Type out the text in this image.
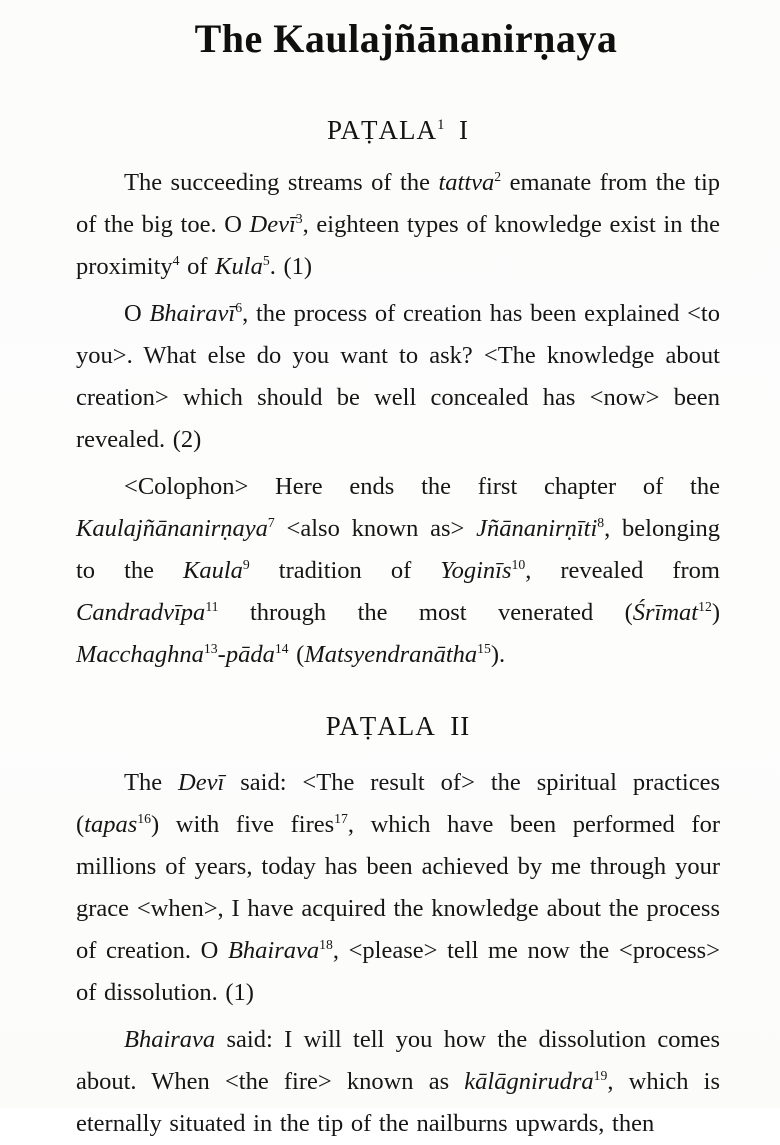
The Kaulajñānanirṇaya
PAṬALA$^1$ I

The succeeding streams of the tattva$^2$ emanate from the tip of the big toe. O Devī$^3$, eighteen types of knowledge exist in the proximity$^4$ of Kula$^5$. (1)

O Bhairavī$^6$, the process of creation has been explained <to you>. What else do you want to ask? <The knowledge about creation> which should be well concealed has <now> been revealed. (2)

<Colophon> Here ends the first chapter of the Kaulajñānanirṇaya$^7$ <also known as> Jñānanirṇīti$^8$, belonging to the Kaula$^9$ tradition of Yoginīs$^{10}$, revealed from Candradvīpa$^{11}$ through the most venerated (Śrīmat$^{12}$) Macchaghna$^{13}$-pāda$^{14}$ (Matsyendranātha$^{15}$).

PAṬALA II

The Devī said: <The result of> the spiritual practices (tapas$^{16}$) with five fires$^{17}$, which have been performed for millions of years, today has been achieved by me through your grace <when>, I have acquired the knowledge about the process of creation. O Bhairava$^{18}$, <please> tell me now the <process> of dissolution. (1)

Bhairava said: I will tell you how the dissolution comes about. When <the fire> known as kālāgnirudra$^{19}$, which is eternally situated in the tip of the nailburns upwards, then
